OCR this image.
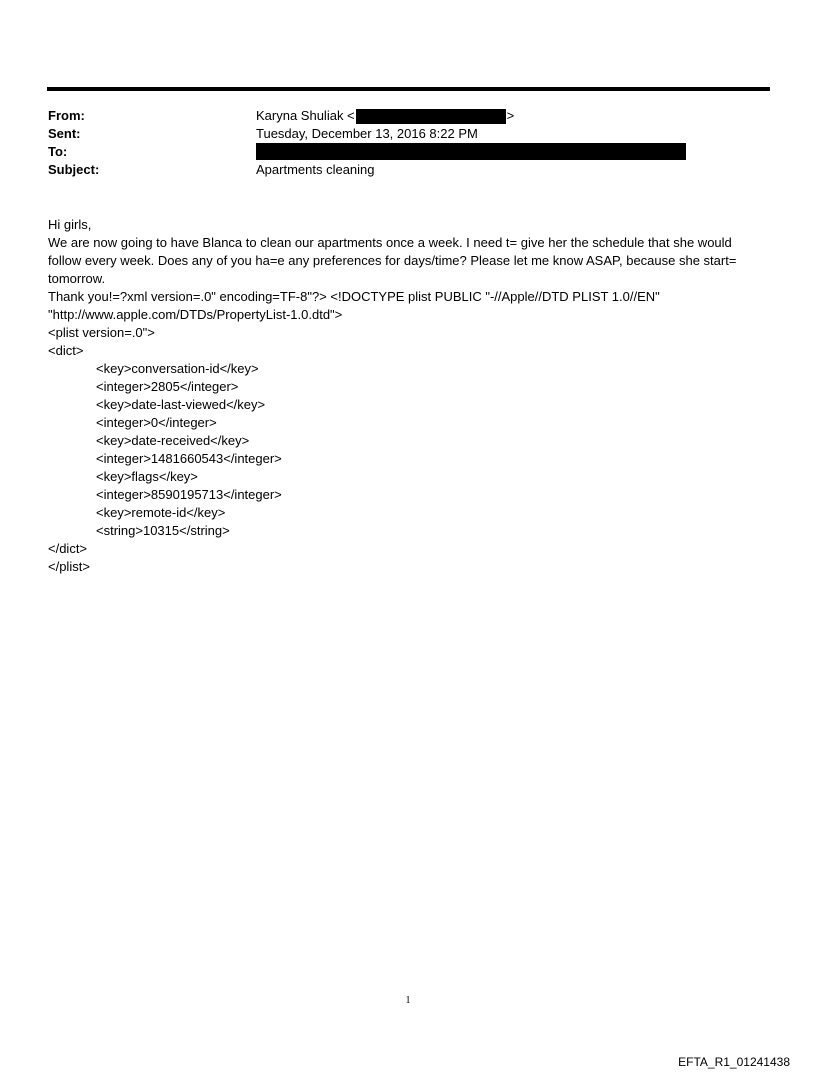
From:	Karyna Shuliak <	>
Sent:	Tuesday, December 13, 2016 8:22 PM
To:
Subject:	Apartments cleaning

Hi girls,

We are now going to have Blanca to clean our apartments once a week. I need t= give her the schedule that she would

follow every week. Does any of you ha=e any preferences for days/time? Please let me know ASAP, because she start=

tomorrow.

Thank you!=?xml version=.0" encoding=TF-8"?> <!DOCTYPE plist PUBLIC "-//Apple//DTD PLIST 1.0//EN"

"http://www.apple.com/DTDs/PropertyList-1.0.dtd">

<plist version=.0">

<dict>

<key>conversation-id</key>

<integer>2805</integer>

<key>date-last-viewed</key>

<integer>0</integer>

<key>date-received</key>

<integer>1481660543</integer>

<key>flags</key>

<integer>8590195713</integer>

<key>remote-id</key>

<string>10315</string>

</dict>

</plist>

1
EFTA_R1_01241438
